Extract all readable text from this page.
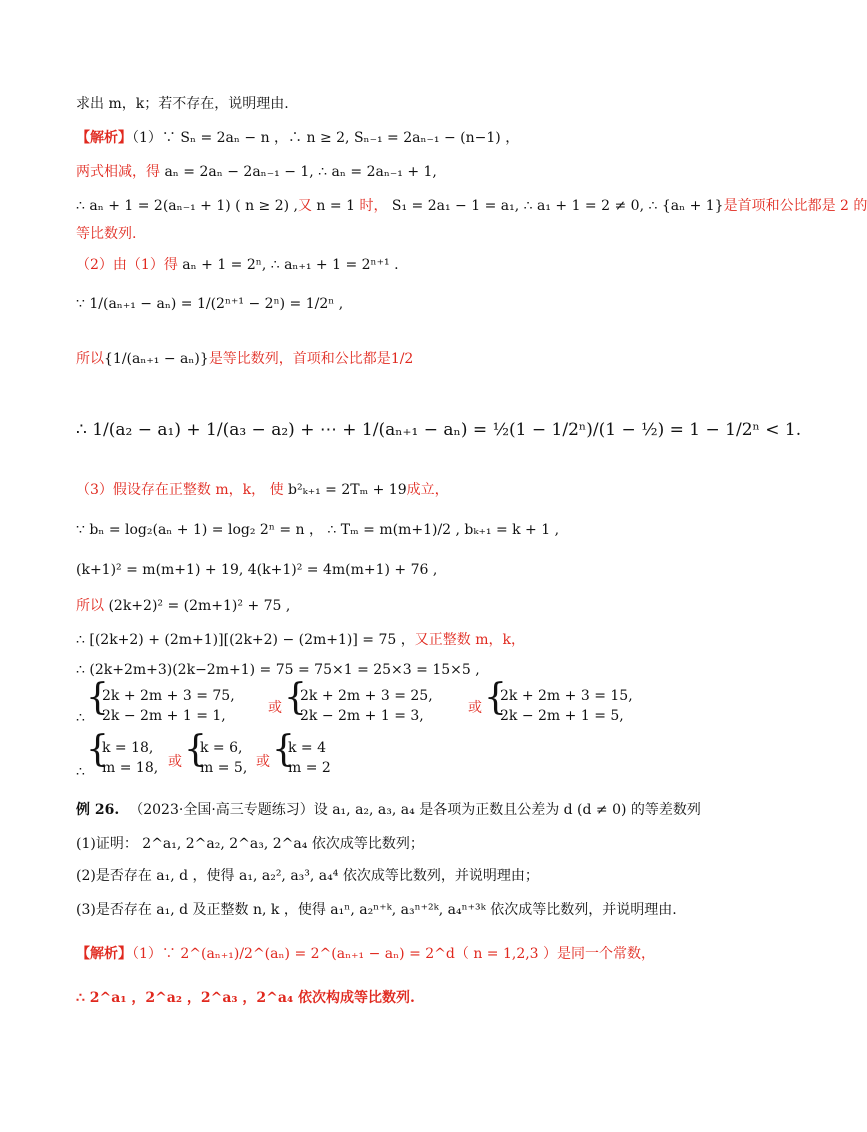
求出 m，k；若不存在，说明理由.
【解析】（1）∵ Sₙ = 2aₙ − n ，∴ n ≥ 2, Sₙ₋₁ = 2aₙ₋₁ − (n−1) ，
两式相减，得 aₙ = 2aₙ − 2aₙ₋₁ − 1, ∴ aₙ = 2aₙ₋₁ + 1,
∴ aₙ + 1 = 2(aₙ₋₁ + 1) ( n ≥ 2) ,又 n = 1 时， S₁ = 2a₁ − 1 = a₁, ∴ a₁ + 1 = 2 ≠ 0, ∴ {aₙ + 1}是首项和公比都是 2 的
等比数列.
（2）由（1）得 aₙ + 1 = 2ⁿ, ∴ aₙ₊₁ + 1 = 2ⁿ⁺¹ .
∵ 1/(aₙ₊₁ − aₙ) = 1/(2ⁿ⁺¹ − 2ⁿ) = 1/2ⁿ ,
所以{1/(aₙ₊₁ − aₙ)}是等比数列，首项和公比都是1/2
∴ 1/(a₂ − a₁) + 1/(a₃ − a₂) + ⋯ + 1/(aₙ₊₁ − aₙ) = ½(1 − 1/2ⁿ)/(1 − ½) = 1 − 1/2ⁿ < 1.
（3）假设存在正整数 m，k， 使 b²ₖ₊₁ = 2Tₘ + 19成立，
∵ bₙ = log₂(aₙ + 1) = log₂ 2ⁿ = n ， ∴ Tₘ = m(m+1)/2 , bₖ₊₁ = k + 1 ,
(k+1)² = m(m+1) + 19, 4(k+1)² = 4m(m+1) + 76 ,
所以 (2k+2)² = (2m+1)² + 75 ,
∴ [(2k+2) + (2m+1)][(2k+2) − (2m+1)] = 75 ，又正整数 m，k，
∴ (2k+2m+3)(2k−2m+1) = 75 = 75×1 = 25×3 = 15×5 ,
∴ {
2k + 2m + 3 = 75,
2k − 2m + 1 = 1,	或 {
2k + 2m + 3 = 25,
2k − 2m + 1 = 3,	或 {
2k + 2m + 3 = 15,
2k − 2m + 1 = 5,
∴
{
k = 18,
m = 18, 或 {
k = 6,
m = 5, 或 {
k = 4
m = 2
例 26. （2023·全国·高三专题练习）设 a₁, a₂, a₃, a₄ 是各项为正数且公差为 d (d ≠ 0) 的等差数列
(1)证明： 2^a₁, 2^a₂, 2^a₃, 2^a₄ 依次成等比数列；
(2)是否存在 a₁, d ，使得 a₁, a₂², a₃³, a₄⁴ 依次成等比数列，并说明理由；
(3)是否存在 a₁, d 及正整数 n, k ，使得 a₁ⁿ, a₂ⁿ⁺ᵏ, a₃ⁿ⁺²ᵏ, a₄ⁿ⁺³ᵏ 依次成等比数列，并说明理由.
【解析】（1）∵ 2^(aₙ₊₁)/2^(aₙ) = 2^(aₙ₊₁ − aₙ) = 2^d（ n = 1,2,3 ）是同一个常数，
∴ 2^a₁ ，2^a₂ ，2^a₃ ，2^a₄ 依次构成等比数列.
